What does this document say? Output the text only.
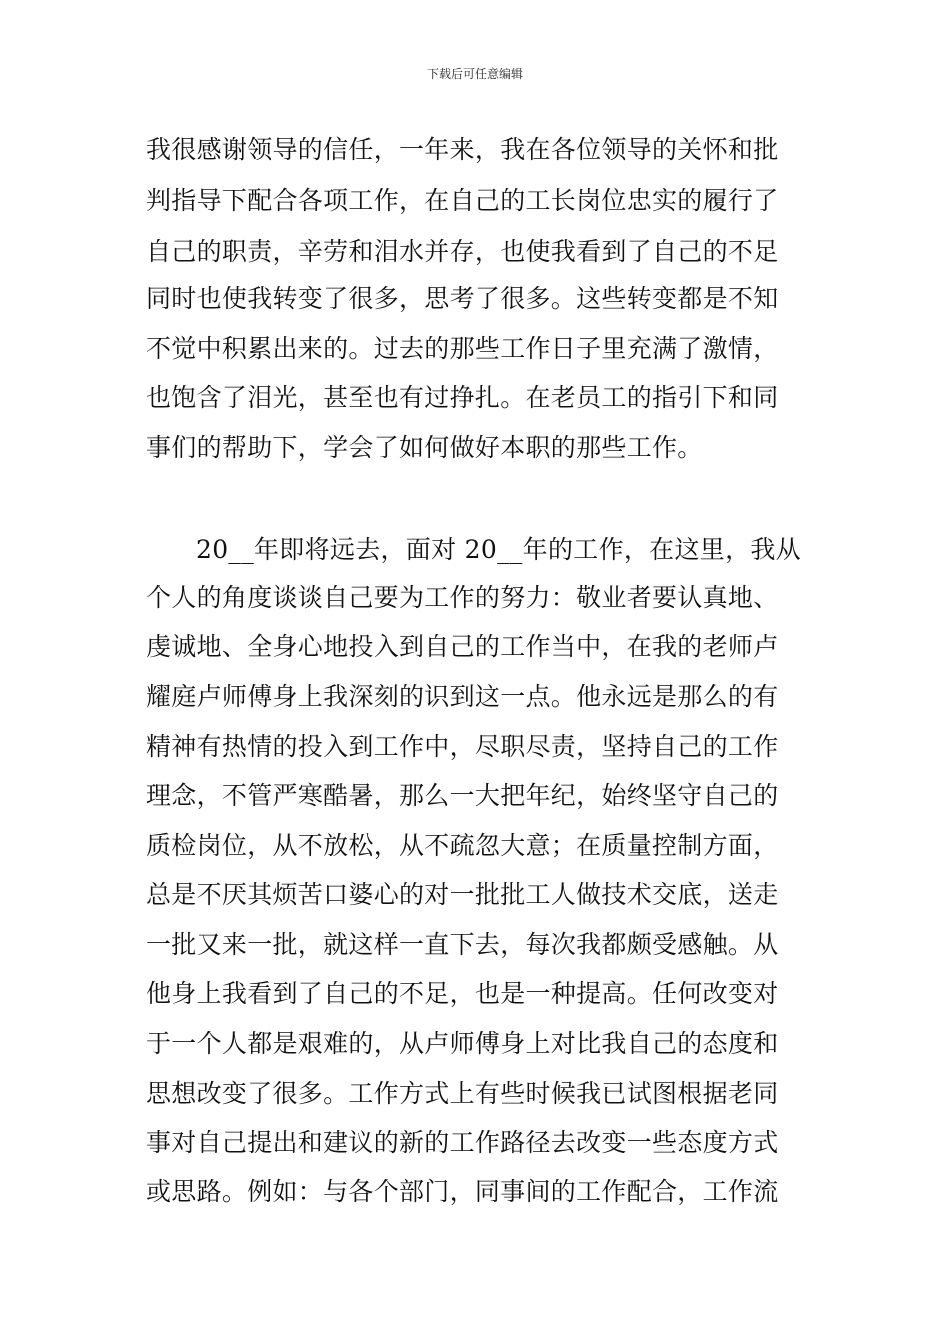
下载后可任意编辑
我很感谢领导的信任，一年来，我在各位领导的关怀和批
判指导下配合各项工作，在自己的工长岗位忠实的履行了
自己的职责，辛劳和泪水并存，也使我看到了自己的不足
同时也使我转变了很多，思考了很多。这些转变都是不知
不觉中积累出来的。过去的那些工作日子里充满了激情，
也饱含了泪光，甚至也有过挣扎。在老员工的指引下和同
事们的帮助下，学会了如何做好本职的那些工作。
20__年即将远去，面对 20__年的工作，在这里，我从
个人的角度谈谈自己要为工作的努力：敬业者要认真地、
虔诚地、全身心地投入到自己的工作当中，在我的老师卢
耀庭卢师傅身上我深刻的识到这一点。他永远是那么的有
精神有热情的投入到工作中，尽职尽责，坚持自己的工作
理念，不管严寒酷暑，那么一大把年纪，始终坚守自己的
质检岗位，从不放松，从不疏忽大意；在质量控制方面，
总是不厌其烦苦口婆心的对一批批工人做技术交底，送走
一批又来一批，就这样一直下去，每次我都颇受感触。从
他身上我看到了自己的不足，也是一种提高。任何改变对
于一个人都是艰难的，从卢师傅身上对比我自己的态度和
思想改变了很多。工作方式上有些时候我已试图根据老同
事对自己提出和建议的新的工作路径去改变一些态度方式
或思路。例如：与各个部门，同事间的工作配合，工作流
